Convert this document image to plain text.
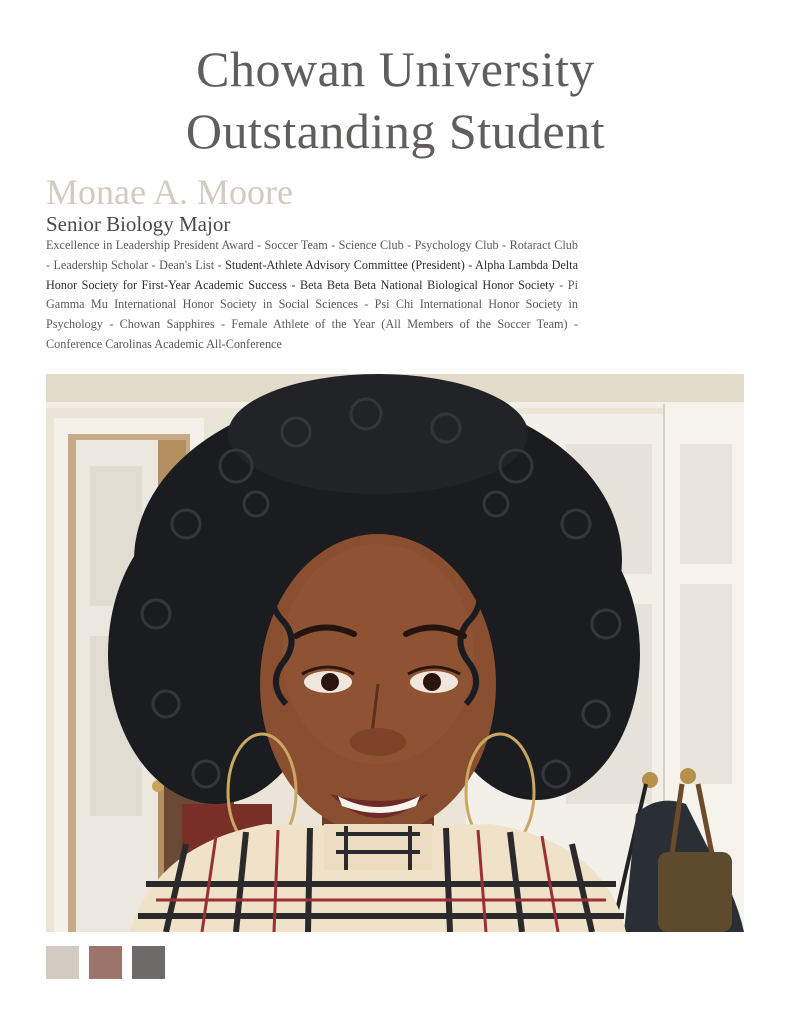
Chowan University
Outstanding Student
Monae A. Moore
Senior Biology Major
Excellence in Leadership President Award - Soccer Team - Science Club - Psychology Club - Rotaract Club - Leadership Scholar - Dean's List - Student-Athlete Advisory Committee (President) - Alpha Lambda Delta Honor Society for First-Year Academic Success - Beta Beta Beta National Biological Honor Society - Pi Gamma Mu International Honor Society in Social Sciences - Psi Chi International Honor Society in Psychology - Chowan Sapphires - Female Athlete of the Year (All Members of the Soccer Team) - Conference Carolinas Academic All-Conference
